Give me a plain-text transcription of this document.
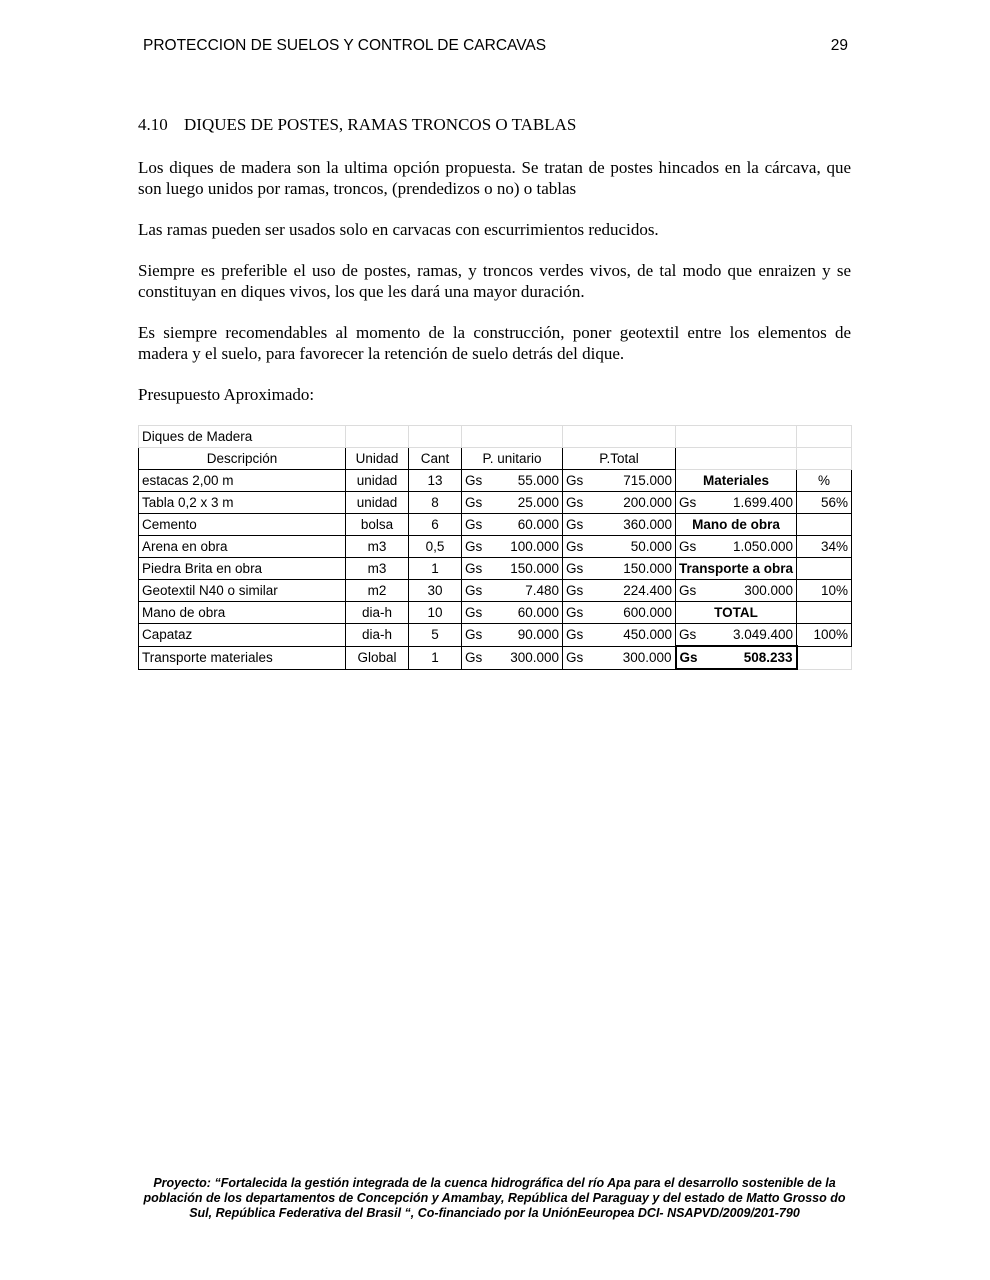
PROTECCION DE SUELOS Y CONTROL DE CARCAVAS	29
4.10 DIQUES DE POSTES, RAMAS TRONCOS O TABLAS

Los diques de madera son la ultima opción propuesta. Se tratan de postes hincados en la cárcava, que son luego unidos por ramas, troncos, (prendedizos o no) o tablas

Las ramas pueden ser usados solo en carvacas con escurrimientos reducidos.

Siempre es preferible el uso de postes, ramas, y troncos verdes vivos, de tal modo que enraizen y se constituyan en diques vivos, los que les dará una mayor duración.

Es siempre recomendables al momento de la construcción, poner geotextil entre los elementos de madera y el suelo, para favorecer la retención de suelo detrás del dique.

Presupuesto Aproximado:

Diques de Madera						
Descripción	Unidad	Cant	P. unitario	P.Total		
estacas 2,00 m	unidad	13	Gs 55.000	Gs 715.000	Materiales	%
Tabla 0,2 x 3 m	unidad	8	Gs 25.000	Gs 200.000	Gs 1.699.400	56%
Cemento	bolsa	6	Gs 60.000	Gs 360.000	Mano de obra	
Arena en obra	m3	0,5	Gs 100.000	Gs 50.000	Gs 1.050.000	34%
Piedra Brita en obra	m3	1	Gs 150.000	Gs 150.000	Transporte a obra	
Geotextil N40 o similar	m2	30	Gs 7.480	Gs 224.400	Gs 300.000	10%
Mano de obra	dia-h	10	Gs 60.000	Gs 600.000	TOTAL	
Capataz	dia-h	5	Gs 90.000	Gs 450.000	Gs 3.049.400	100%
Transporte materiales	Global	1	Gs 300.000	Gs 300.000	Gs 508.233	

Proyecto: “Fortalecida la gestión integrada de la cuenca hidrográfica del río Apa para el desarrollo sostenible de la población de los departamentos de Concepción y Amambay, República del Paraguay y del estado de Matto Grosso do Sul, República Federativa del Brasil “, Co-financiado por la UniónEeuropea DCI- NSAPVD/2009/201-790
